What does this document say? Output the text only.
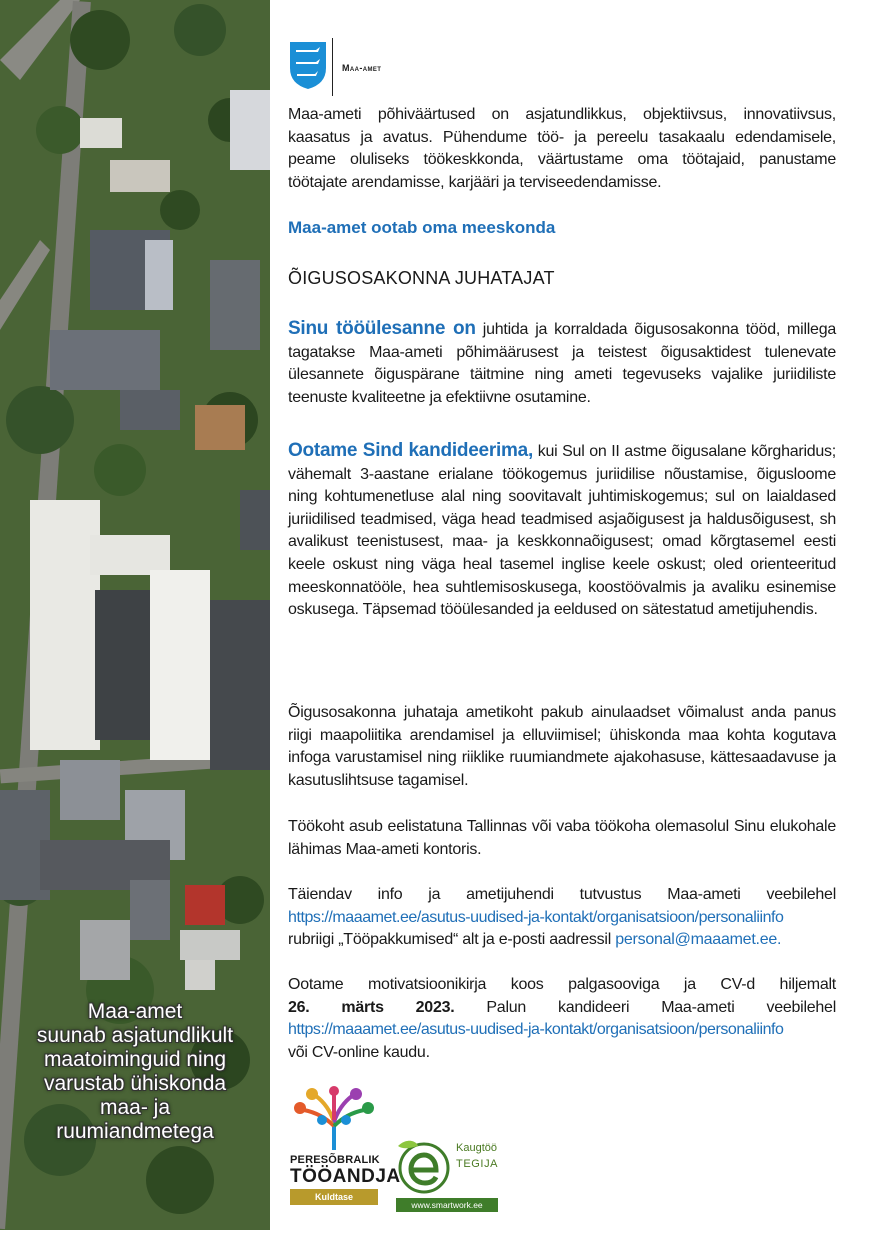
Maa-amet
suunab asjatundlikult
maatoiminguid ning
varustab ühiskonda
maa- ja
ruumiandmetega
Maa-amet

Maa-ameti põhiväärtused on asjatundlikkus, objektiivsus, innovatiivsus, kaasatus ja avatus. Pühendume töö- ja pereelu tasakaalu edendamisele, peame oluliseks töökeskkonda, väärtustame oma töötajaid, panustame töötajate arendamisse, karjääri ja terviseedendamisse.

Maa-amet ootab oma meeskonda
ÕIGUSOSAKONNA JUHATAJAT

Sinu tööülesanne on juhtida ja korraldada õigusosakonna tööd, millega tagatakse Maa-ameti põhimäärusest ja teistest õigusaktidest tulenevate ülesannete õiguspärane täitmine ning ameti tegevuseks vajalike juriidiliste teenuste kvaliteetne ja efektiivne osutamine.

Ootame Sind kandideerima, kui Sul on II astme õigusalane kõrgharidus; vähemalt 3-aastane erialane töökogemus juriidilise nõustamise, õigusloome ning kohtumenetluse alal ning soovitavalt juhtimiskogemus; sul on laialdased juriidilised teadmised, väga head teadmised asjaõigusest ja haldusõigusest, sh avalikust teenistusest, maa- ja keskkonnaõigusest; omad kõrgtasemel eesti keele oskust ning väga heal tasemel inglise keele oskust; oled orienteeritud meeskonnatööle, hea suhtlemisoskusega, koostöövalmis ja avaliku esinemise oskusega. Täpsemad tööülesanded ja eeldused on sätestatud ametijuhendis.

Õigusosakonna juhataja ametikoht pakub ainulaadset võimalust anda panus riigi maapoliitika arendamisel ja elluviimisel; ühiskonda maa kohta kogutava infoga varustamisel ning riiklike ruumiandmete ajakohasuse, kättesaadavuse ja kasutuslihtsuse tagamisel.

Töökoht asub eelistatuna Tallinnas või vaba töökoha olemasolul Sinu elukohale lähimas Maa-ameti kontoris.

Täiendav info ja ametijuhendi tutvustus Maa-ameti veebilehel

https://maaamet.ee/asutus-uudised-ja-kontakt/organisatsioon/personaliinfo

rubriigi „Tööpakkumised“ alt ja e-posti aadressil personal@maaamet.ee.

Ootame motivatsioonikirja koos palgasooviga ja CV-d hiljemalt

26. märts 2023. Palun kandideeri Maa-ameti veebilehel

https://maaamet.ee/asutus-uudised-ja-kontakt/organisatsioon/personaliinfo

või CV-online kaudu.

PERESÕBRALIK
TÖÖANDJA
Kuldtase
Kaugtöö
TEGIJA
www.smartwork.ee
